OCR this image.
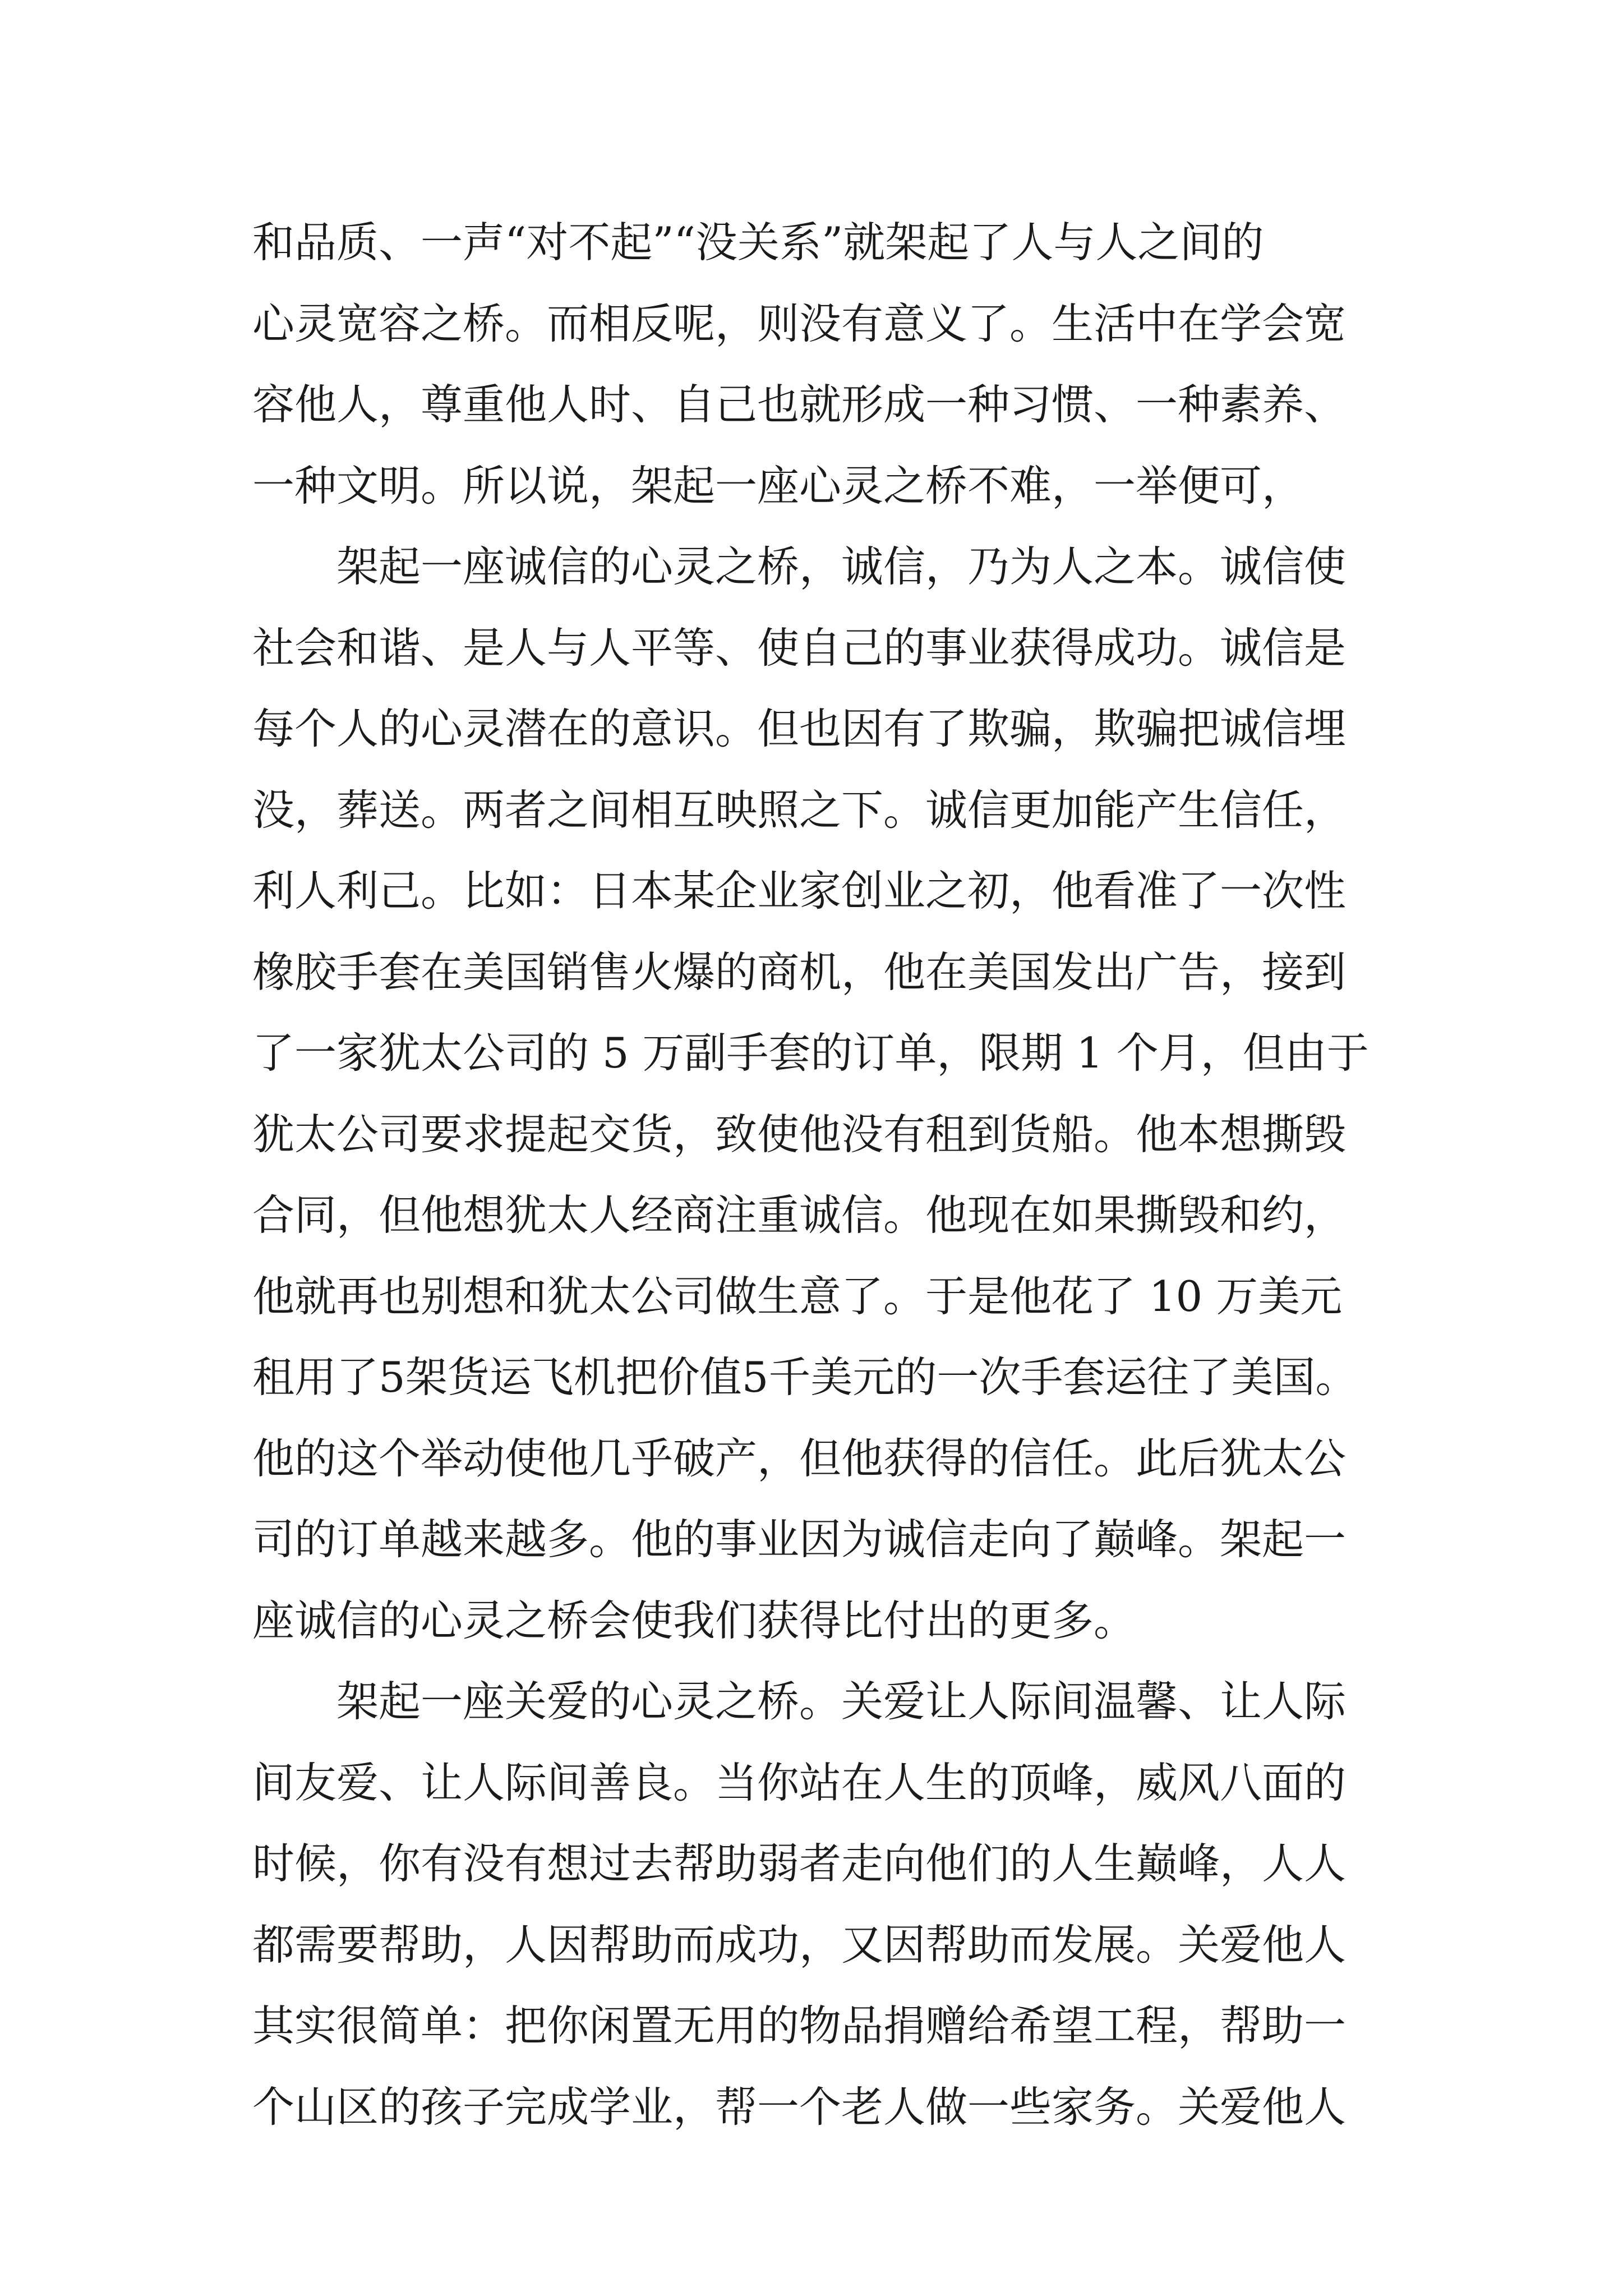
和品质、一声“对不起”“没关系”就架起了人与人之间的
心灵宽容之桥。而相反呢，则没有意义了。生活中在学会宽
容他人，尊重他人时、自己也就形成一种习惯、一种素养、
一种文明。所以说，架起一座心灵之桥不难，一举便可，
　　架起一座诚信的心灵之桥，诚信，乃为人之本。诚信使
社会和谐、是人与人平等、使自己的事业获得成功。诚信是
每个人的心灵潜在的意识。但也因有了欺骗，欺骗把诚信埋
没，葬送。两者之间相互映照之下。诚信更加能产生信任，
利人利己。比如：日本某企业家创业之初，他看准了一次性
橡胶手套在美国销售火爆的商机，他在美国发出广告，接到
了一家犹太公司的 5 万副手套的订单，限期 1 个月，但由于
犹太公司要求提起交货，致使他没有租到货船。他本想撕毁
合同，但他想犹太人经商注重诚信。他现在如果撕毁和约，
他就再也别想和犹太公司做生意了。于是他花了 10 万美元
租用了5架货运飞机把价值5千美元的一次手套运往了美国。
他的这个举动使他几乎破产，但他获得的信任。此后犹太公
司的订单越来越多。他的事业因为诚信走向了巅峰。架起一
座诚信的心灵之桥会使我们获得比付出的更多。
　　架起一座关爱的心灵之桥。关爱让人际间温馨、让人际
间友爱、让人际间善良。当你站在人生的顶峰，威风八面的
时候，你有没有想过去帮助弱者走向他们的人生巅峰，人人
都需要帮助，人因帮助而成功，又因帮助而发展。关爱他人
其实很简单：把你闲置无用的物品捐赠给希望工程，帮助一
个山区的孩子完成学业，帮一个老人做一些家务。关爱他人
